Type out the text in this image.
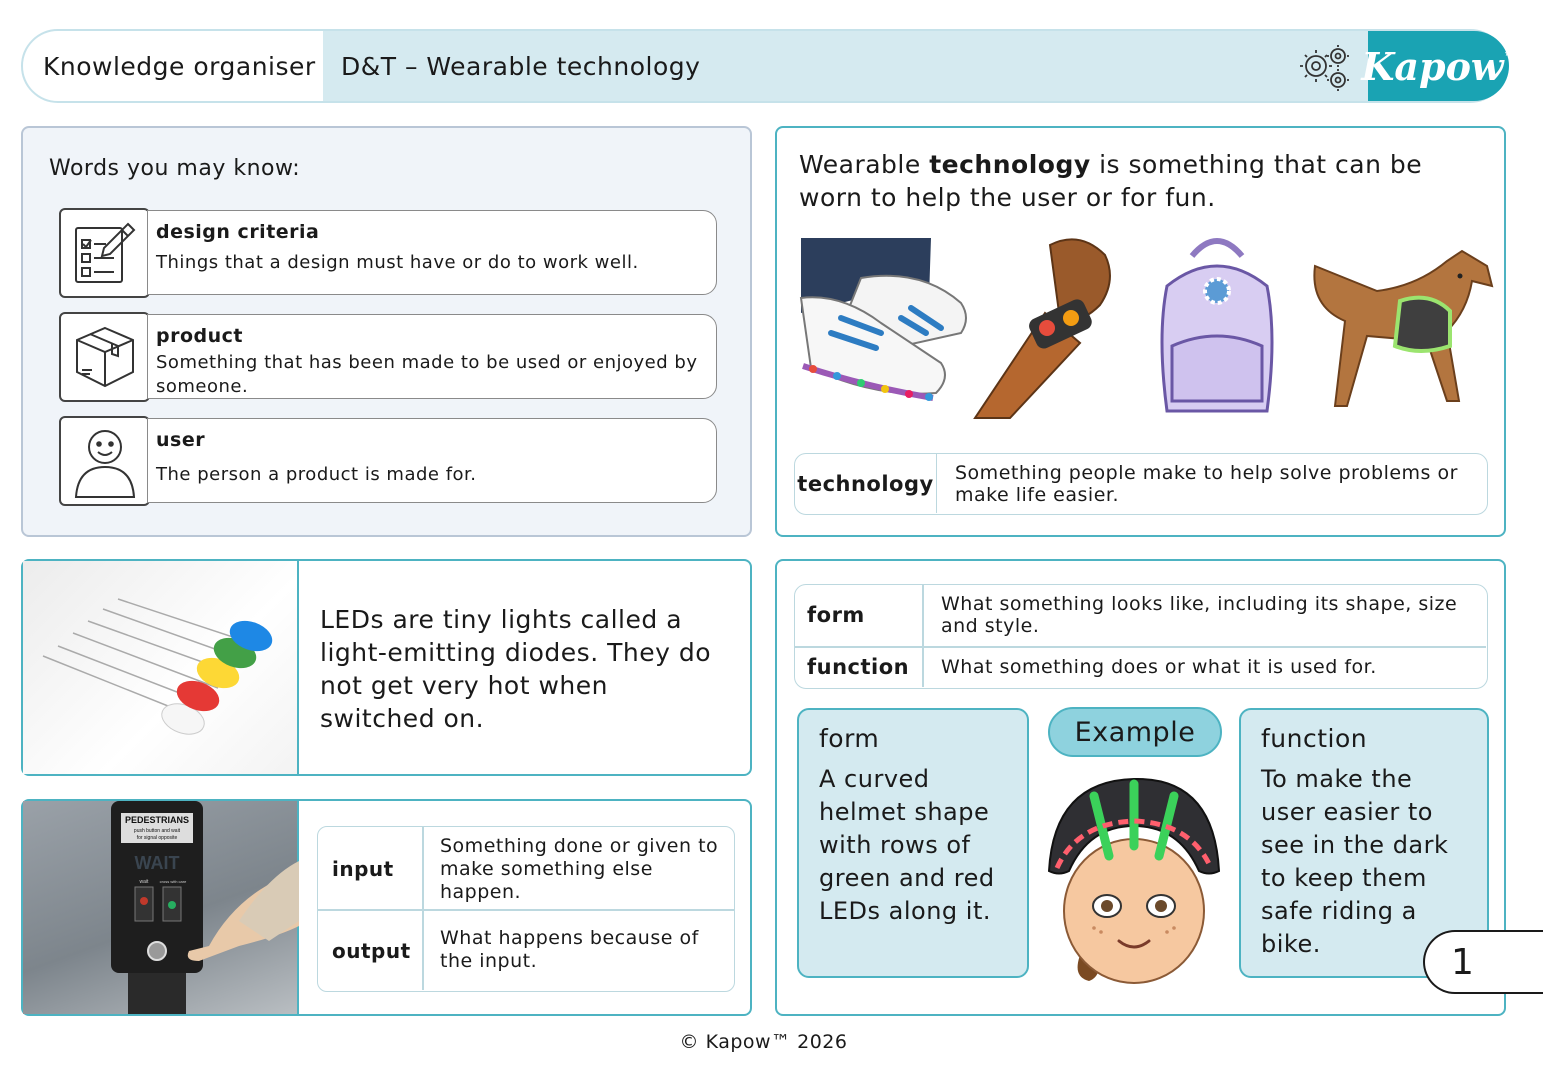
Knowledge organiser D&T – Wearable technology	Kapow ™
Words you may know:
design criteria
Things that a design must have or do to work well.
product
Something that has been made to be used or enjoyed by someone.
user
The person a product is made for.
Wearable technology is something that can be worn to help the user or for fun.
technology Something people make to help solve problems or make life easier.
LEDs are tiny lights called a light-emitting diodes. They do not get very hot when switched on.
PEDESTRIANS
push button and wait
for signal opposite
WAIT
wait	cross with care
input
Something done or given to make something else happen.
output
What happens because of the input.
form	What something looks like, including its shape, size and style.
function What something does or what it is used for.
form
A curved helmet shape with rows of green and red LEDs along it.
Example	function
To make the user easier to see in the dark to keep them safe riding a bike.	1
© Kapow™ 2026
